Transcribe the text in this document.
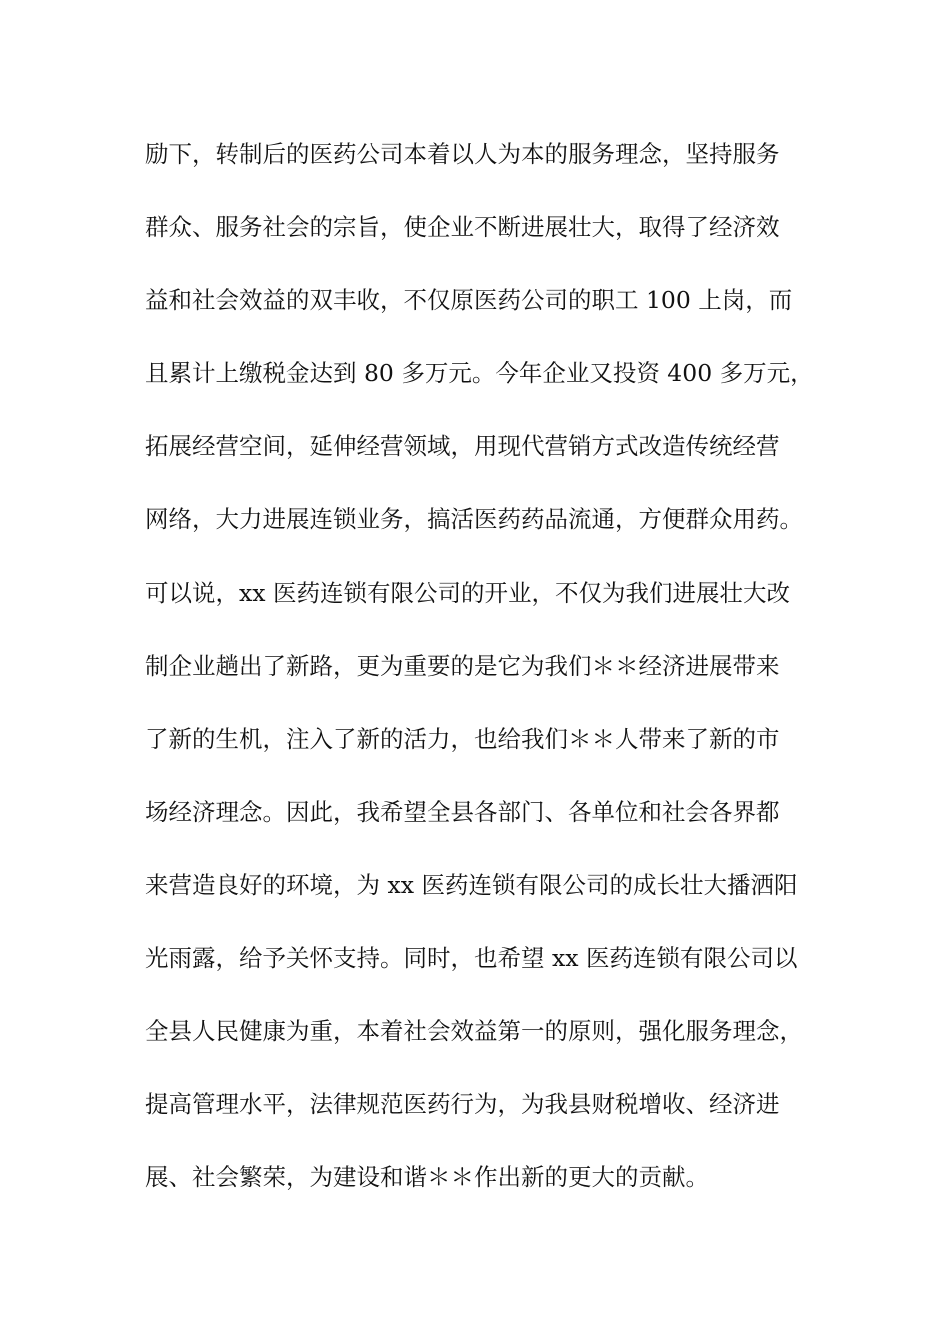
励下，转制后的医药公司本着以人为本的服务理念，坚持服务
群众、服务社会的宗旨，使企业不断进展壮大，取得了经济效
益和社会效益的双丰收，不仅原医药公司的职工 100 上岗，而
且累计上缴税金达到 80 多万元。今年企业又投资 400 多万元，
拓展经营空间，延伸经营领域，用现代营销方式改造传统经营
网络，大力进展连锁业务，搞活医药药品流通，方便群众用药。
可以说，xx 医药连锁有限公司的开业，不仅为我们进展壮大改
制企业趟出了新路，更为重要的是它为我们＊＊经济进展带来
了新的生机，注入了新的活力，也给我们＊＊人带来了新的市
场经济理念。因此，我希望全县各部门、各单位和社会各界都
来营造良好的环境，为 xx 医药连锁有限公司的成长壮大播洒阳
光雨露，给予关怀支持。同时，也希望 xx 医药连锁有限公司以
全县人民健康为重，本着社会效益第一的原则，强化服务理念，
提高管理水平，法律规范医药行为，为我县财税增收、经济进
展、社会繁荣，为建设和谐＊＊作出新的更大的贡献。
